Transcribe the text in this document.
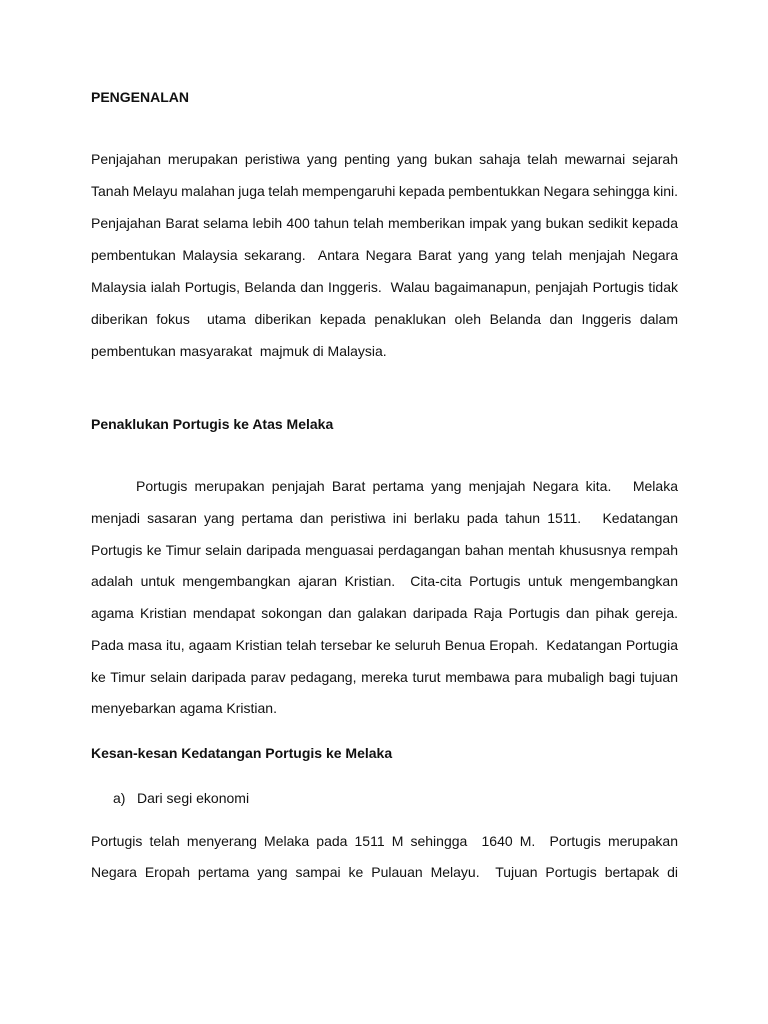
PENGENALAN
Penjajahan merupakan peristiwa yang penting yang bukan sahaja telah mewarnai sejarah
Tanah Melayu malahan juga telah mempengaruhi kepada pembentukkan Negara sehingga kini.
Penjajahan Barat selama lebih 400 tahun telah memberikan impak yang bukan sedikit kepada
pembentukan Malaysia sekarang.  Antara Negara Barat yang yang telah menjajah Negara
Malaysia ialah Portugis, Belanda dan Inggeris.  Walau bagaimanapun, penjajah Portugis tidak
diberikan fokus  utama diberikan kepada penaklukan oleh Belanda dan Inggeris dalam
pembentukan masyarakat  majmuk di Malaysia.
Penaklukan Portugis ke Atas Melaka
Portugis merupakan penjajah Barat pertama yang menjajah Negara kita.   Melaka
menjadi sasaran yang pertama dan peristiwa ini berlaku pada tahun 1511.   Kedatangan
Portugis ke Timur selain daripada menguasai perdagangan bahan mentah khususnya rempah
adalah untuk mengembangkan ajaran Kristian.  Cita-cita Portugis untuk mengembangkan
agama Kristian mendapat sokongan dan galakan daripada Raja Portugis dan pihak gereja.
Pada masa itu, agaam Kristian telah tersebar ke seluruh Benua Eropah.  Kedatangan Portugia
ke Timur selain daripada parav pedagang, mereka turut membawa para mubaligh bagi tujuan
menyebarkan agama Kristian.
Kesan-kesan Kedatangan Portugis ke Melaka
a) Dari segi ekonomi
Portugis telah menyerang Melaka pada 1511 M sehingga  1640 M.  Portugis merupakan
Negara Eropah pertama yang sampai ke Pulauan Melayu.  Tujuan Portugis bertapak di
